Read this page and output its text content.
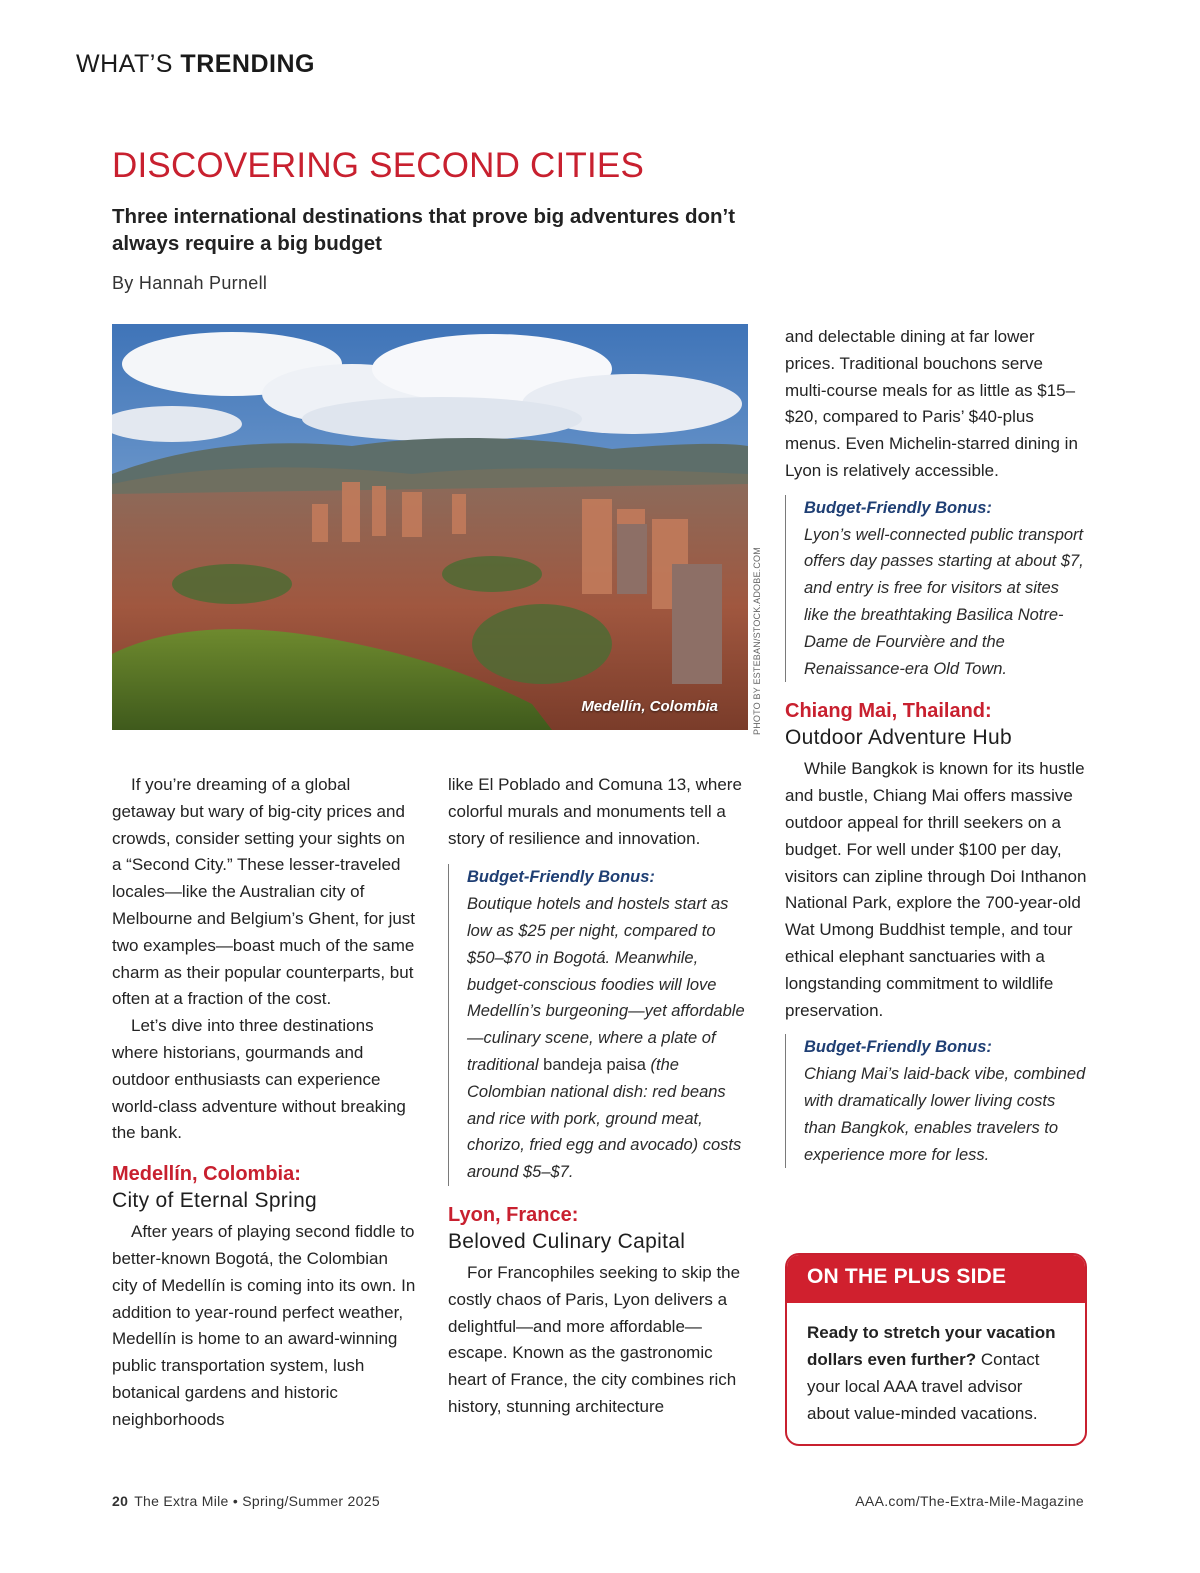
WHAT’S TRENDING
DISCOVERING SECOND CITIES

Three international destinations that prove big adventures don’t always require a big budget

By Hannah Purnell
Medellín, Colombia	PHOTO BY ESTEBAN/STOCK.ADOBE.COM

If you’re dreaming of a global getaway but wary of big-city prices and crowds, consider setting your sights on a “Second City.” These lesser-traveled locales—like the Australian city of Melbourne and Belgium’s Ghent, for just two examples—boast much of the same charm as their popular counterparts, but often at a fraction of the cost.

Let’s dive into three destinations where historians, gourmands and outdoor enthusiasts can experience world-class adventure without breaking the bank.

Medellín, Colombia:
City of Eternal Spring

After years of playing second fiddle to better-known Bogotá, the Colombian city of Medellín is coming into its own. In addition to year-round perfect weather, Medellín is home to an award-winning public transportation system, lush botanical gardens and historic neighborhoods

like El Poblado and Comuna 13, where colorful murals and monuments tell a story of resilience and innovation.

Budget-Friendly Bonus:
Boutique hotels and hostels start as low as $25 per night, compared to $50–$70 in Bogotá. Meanwhile, budget-conscious foodies will love Medellín’s burgeoning—yet affordable—culinary scene, where a plate of traditional bandeja paisa (the Colombian national dish: red beans and rice with pork, ground meat, chorizo, fried egg and avocado) costs around $5–$7.
Lyon, France:
Beloved Culinary Capital

For Francophiles seeking to skip the costly chaos of Paris, Lyon delivers a delightful—and more affordable—escape. Known as the gastronomic heart of France, the city combines rich history, stunning architecture

and delectable dining at far lower prices. Traditional bouchons serve multi-course meals for as little as $15–$20, compared to Paris’ $40-plus menus. Even Michelin-starred dining in Lyon is relatively accessible.

Budget-Friendly Bonus:
Lyon’s well-connected public transport offers day passes starting at about $7, and entry is free for visitors at sites like the breathtaking Basilica Notre-Dame de Fourvière and the Renaissance-era Old Town.
Chiang Mai, Thailand:
Outdoor Adventure Hub

While Bangkok is known for its hustle and bustle, Chiang Mai offers massive outdoor appeal for thrill seekers on a budget. For well under $100 per day, visitors can zipline through Doi Inthanon National Park, explore the 700-year-old Wat Umong Buddhist temple, and tour ethical elephant sanctuaries with a longstanding commitment to wildlife preservation.

Budget-Friendly Bonus:
Chiang Mai’s laid-back vibe, combined with dramatically lower living costs than Bangkok, enables travelers to experience more for less.
ON THE PLUS SIDE
Ready to stretch your vacation dollars even further? Contact your local AAA travel advisor about value-minded vacations.
20 The Extra Mile • Spring/Summer 2025	AAA.com/The-Extra-Mile-Magazine
